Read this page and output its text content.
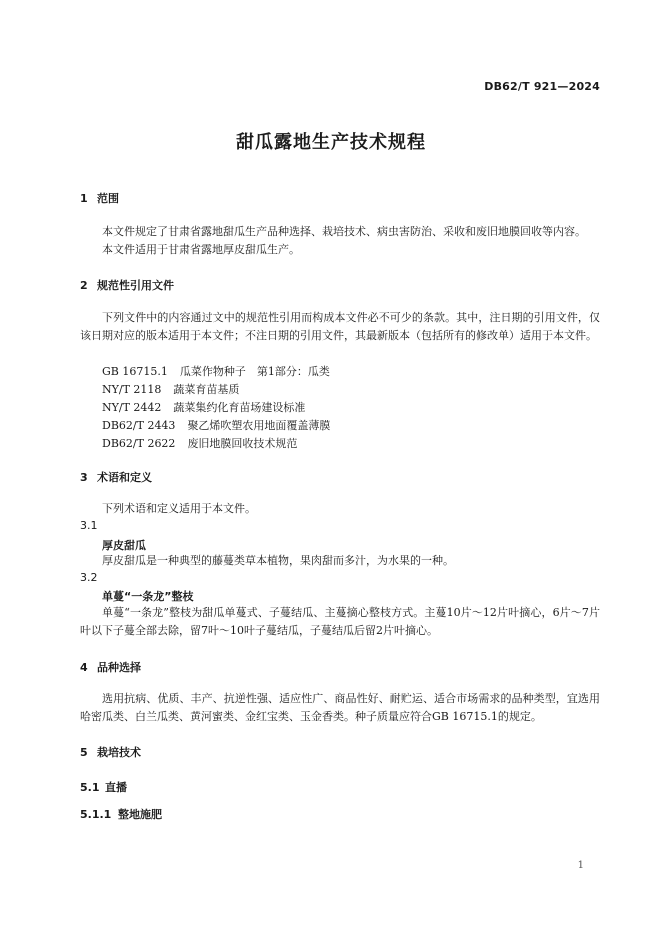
DB62/T 921—2024
甜瓜露地生产技术规程
1 范围
本文件规定了甘肃省露地甜瓜生产品种选择、栽培技术、病虫害防治、采收和废旧地膜回收等内容。
本文件适用于甘肃省露地厚皮甜瓜生产。
2 规范性引用文件
下列文件中的内容通过文中的规范性引用而构成本文件必不可少的条款。其中，注日期的引用文件，仅该日期对应的版本适用于本文件；不注日期的引用文件，其最新版本（包括所有的修改单）适用于本文件。
GB 16715.1 瓜菜作物种子　第1部分：瓜类
NY/T 2118 蔬菜育苗基质
NY/T 2442 蔬菜集约化育苗场建设标准
DB62/T 2443 聚乙烯吹塑农用地面覆盖薄膜
DB62/T 2622 废旧地膜回收技术规范
3 术语和定义
下列术语和定义适用于本文件。
3.1
厚皮甜瓜
厚皮甜瓜是一种典型的藤蔓类草本植物，果肉甜而多汁，为水果的一种。
3.2
单蔓“一条龙”整枝
单蔓“一条龙”整枝为甜瓜单蔓式、子蔓结瓜、主蔓摘心整枝方式。主蔓10片～12片叶摘心，6片～7片叶以下子蔓全部去除，留7叶～10叶子蔓结瓜，子蔓结瓜后留2片叶摘心。
4 品种选择
选用抗病、优质、丰产、抗逆性强、适应性广、商品性好、耐贮运、适合市场需求的品种类型，宜选用哈密瓜类、白兰瓜类、黄河蜜类、金红宝类、玉金香类。种子质量应符合GB 16715.1的规定。
5 栽培技术
5.1 直播
5.1.1 整地施肥
1
